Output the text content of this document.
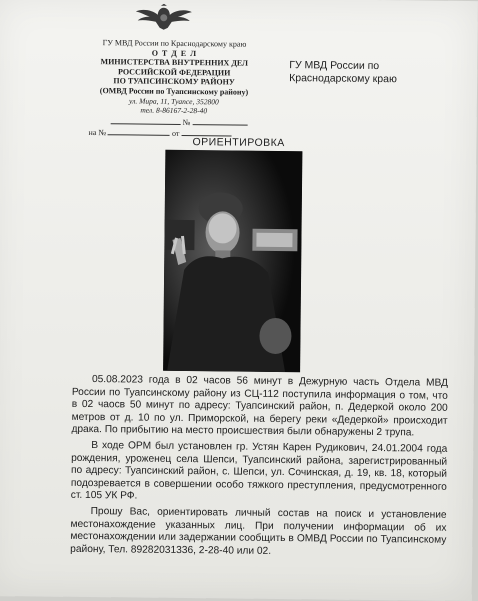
ГУ МВД России по Краснодарскому краю
О Т Д Е Л
МИНИСТЕРСТВА ВНУТРЕННИХ ДЕЛ
РОССИЙСКОЙ ФЕДЕРАЦИИ
ПО ТУАПСИНСКОМУ РАЙОНУ
(ОМВД России по Туапсинскому району)
ул. Мира, 11, Туапсе, 352800
тел. 8-86167-2-28-40
ГУ МВД России по
Краснодарскому краю
№
на №	от
ОРИЕНТИРОВКА

05.08.2023 года в 02 часов 56 минут в Дежурную часть Отдела МВД России по Туапсинскому району из СЦ-112 поступила информация о том, что в 02 чаосв 50 минут по адресу: Туапсинский район, п. Дедеркой около 200 метров от д. 10 по ул. Приморской, на берегу реки «Дедеркой» происходит драка. По прибытию на место происшествия были обнаружены 2 трупа.

В ходе ОРМ был установлен гр. Устян Карен Рудикович, 24.01.2004 года рождения, уроженец села Шепси, Туапсинский района, зарегистрированный по адресу: Туапсинский район, с. Шепси, ул. Сочинская, д. 19, кв. 18, который подозревается в совершении особо тяжкого преступления, предусмотренного ст. 105 УК РФ.

Прошу Вас, ориентировать личный состав на поиск и установление местонахождение указанных лиц. При получении информации об их местонахождении или задержании сообщить в ОМВД России по Туапсинскому району, Тел. 89282031336, 2-28-40 или 02.
